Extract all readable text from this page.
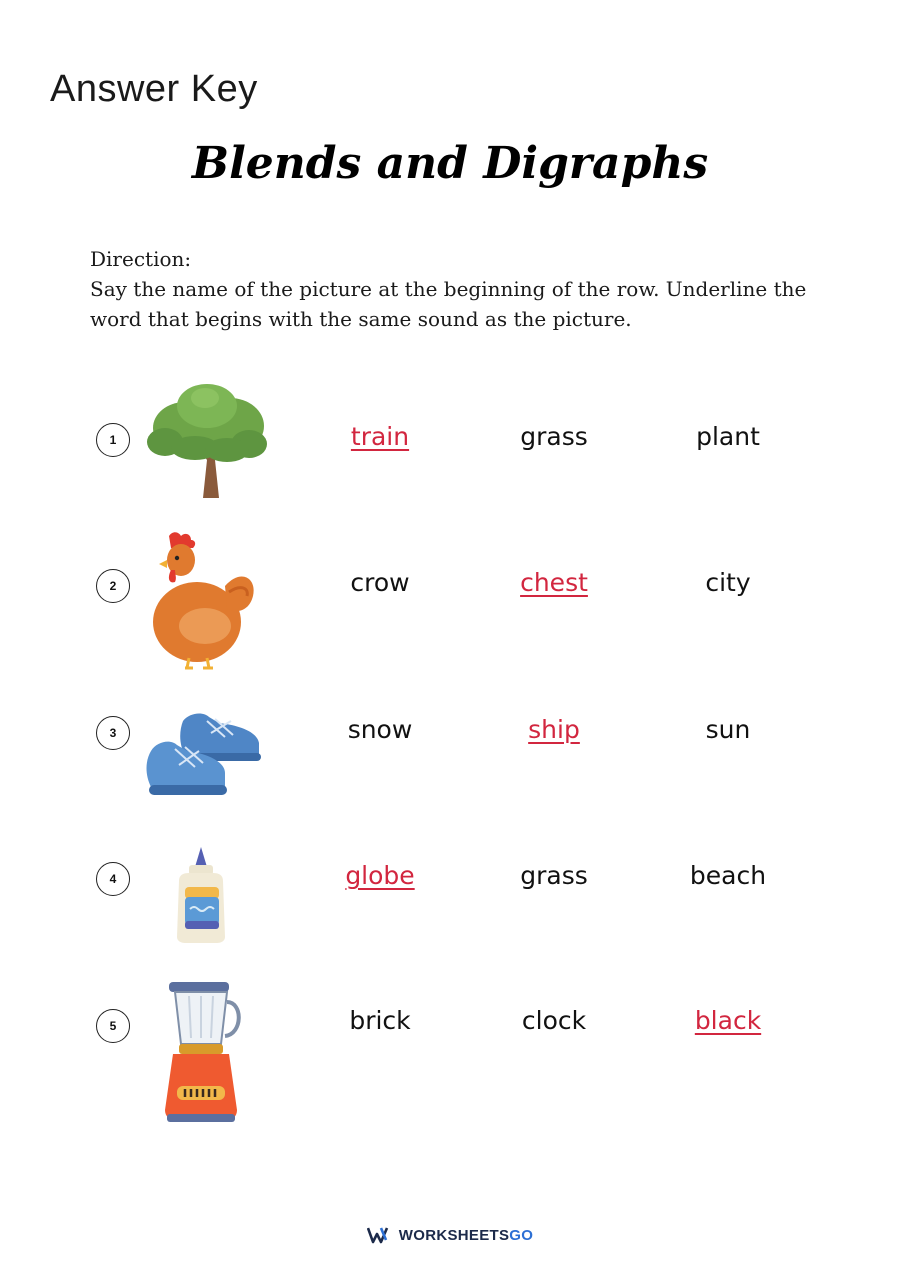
Answer Key
Blends and Digraphs
Direction:
Say the name of the picture at the beginning of the row. Underline the word that begins with the same sound as the picture.
1	train	grass	plant
2	crow	chest	city
3	snow	ship	sun
4	globe	grass	beach
5	brick	clock	black
WORKSHEETSGO
